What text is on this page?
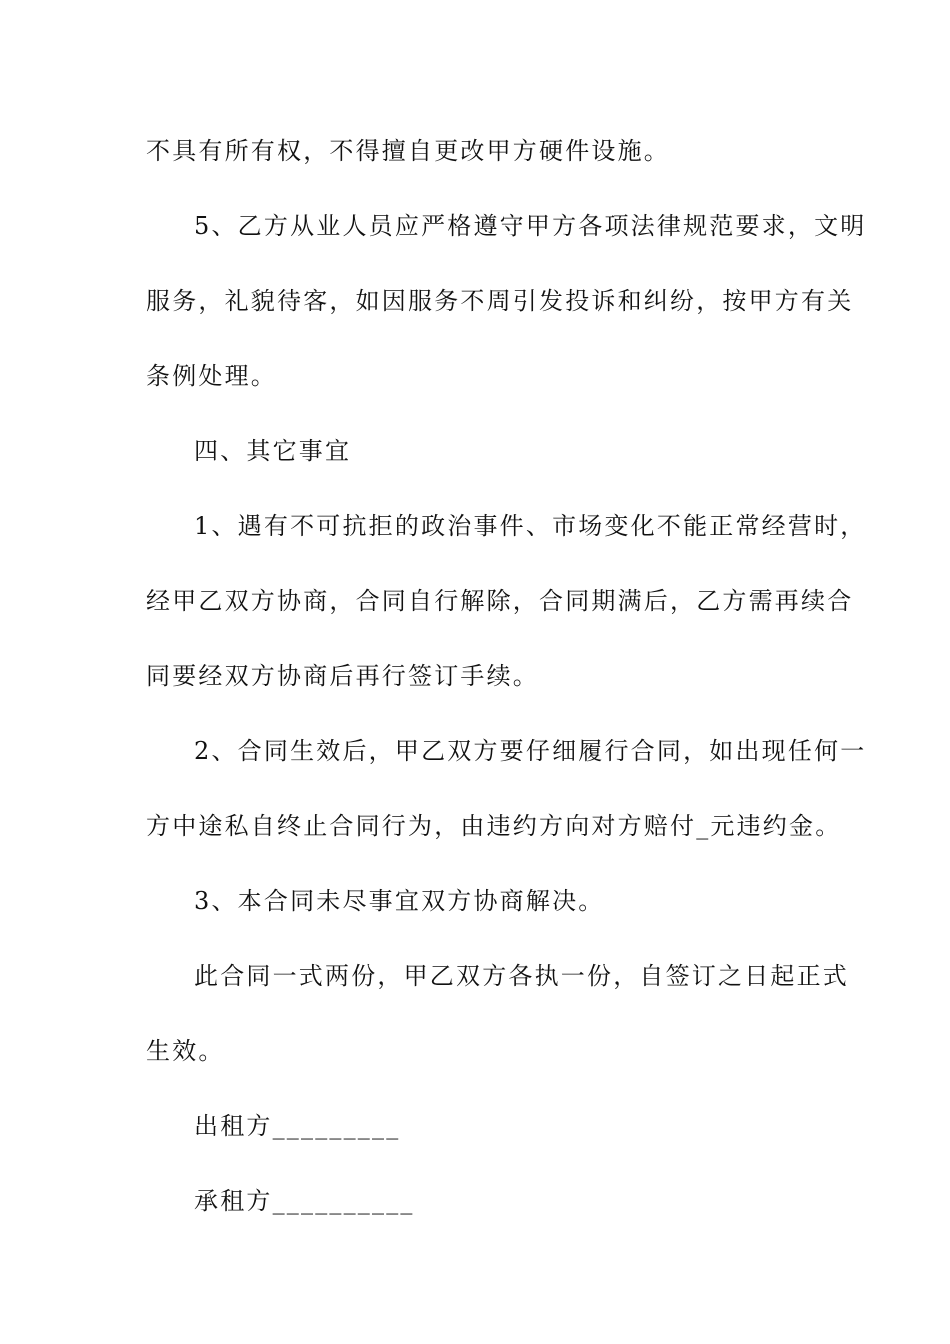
不具有所有权，不得擅自更改甲方硬件设施。
5、乙方从业人员应严格遵守甲方各项法律规范要求，文明
服务，礼貌待客，如因服务不周引发投诉和纠纷，按甲方有关
条例处理。
四、其它事宜
1、遇有不可抗拒的政治事件、市场变化不能正常经营时，
经甲乙双方协商，合同自行解除，合同期满后，乙方需再续合
同要经双方协商后再行签订手续。
2、合同生效后，甲乙双方要仔细履行合同，如出现任何一
方中途私自终止合同行为，由违约方向对方赔付_元违约金。
3、本合同未尽事宜双方协商解决。
此合同一式两份，甲乙双方各执一份，自签订之日起正式
生效。
出租方_________
承租方__________
